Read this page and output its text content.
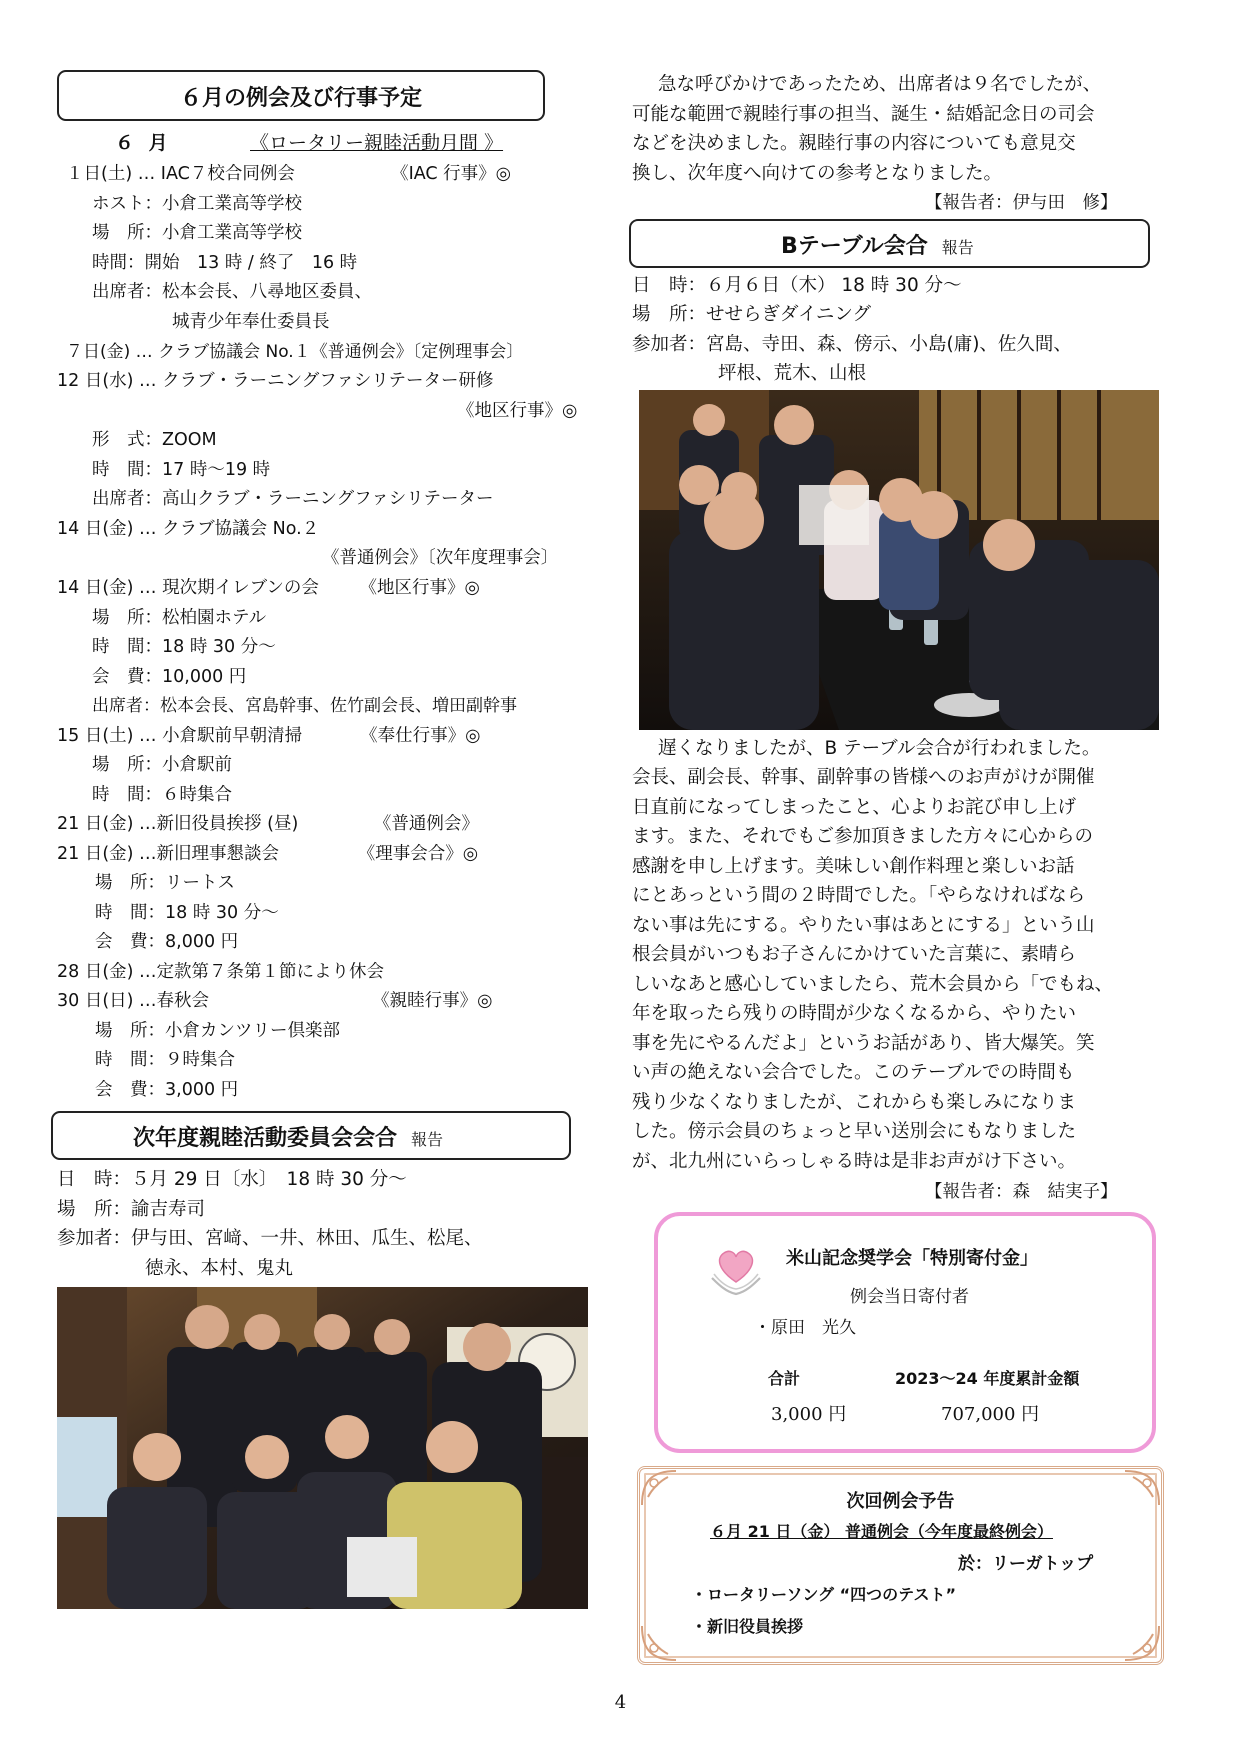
６月の例会及び行事予定
６ 月	《ロータリー親睦活動月間 》
１日(土) … IAC７校合同例会　　　　　　《IAC 行事》◎
ホスト：小倉工業高等学校
場　所：小倉工業高等学校
時間：開始　13 時 / 終了　16 時
出席者：松本会長、八尋地区委員、
城青少年奉仕委員長
７日(金) … クラブ協議会 No.１《普通例会》〔定例理事会〕
12 日(水) … クラブ・ラーニングファシリテーター研修
《地区行事》◎
形　式：ZOOM
時　間：17 時～19 時
出席者：高山クラブ・ラーニングファシリテーター
14 日(金) … クラブ協議会 No.２
《普通例会》〔次年度理事会〕
14 日(金) … 現次期イレブンの会　　 《地区行事》◎
場　所：松柏園ホテル
時　間：18 時 30 分～
会　費：10,000 円
出席者：松本会長、宮島幹事、佐竹副会長、増田副幹事
15 日(土) … 小倉駅前早朝清掃　　　 《奉仕行事》◎
場　所：小倉駅前
時　間：６時集合
21 日(金) …新旧役員挨拶 (昼)　　　　 《普通例会》
21 日(金) …新旧理事懇談会　　　　　《理事会合》◎
場　所：リートス
時　間：18 時 30 分～
会　費：8,000 円
28 日(金) …定款第７条第１節により休会
30 日(日) …春秋会　　　　　　　　　 《親睦行事》◎
場　所：小倉カンツリー倶楽部
時　間：９時集合
会　費：3,000 円
次年度親睦活動委員会会合 報告
日　時：５月 29 日〔水〕　18 時 30 分～
場　所：諭吉寿司
参加者：伊与田、宮﨑、一井、林田、瓜生、松尾、
徳永、本村、鬼丸
急な呼びかけであったため、出席者は９名でしたが、
可能な範囲で親睦行事の担当、誕生・結婚記念日の司会
などを決めました。親睦行事の内容についても意見交
換し、次年度へ向けての参考となりました。
【報告者：伊与田　修】
Bテーブル会合 報告
日　時：６月６日（木） 18 時 30 分～
場　所：せせらぎダイニング
参加者：宮島、寺田、森、傍示、小島(庸)、佐久間、
坪根、荒木、山根
遅くなりましたが、B テーブル会合が行われました。
会長、副会長、幹事、副幹事の皆様へのお声がけが開催
日直前になってしまったこと、心よりお詫び申し上げ
ます。また、それでもご参加頂きました方々に心からの
感謝を申し上げます。美味しい創作料理と楽しいお話
にとあっという間の２時間でした。「やらなければなら
ない事は先にする。やりたい事はあとにする」という山
根会員がいつもお子さんにかけていた言葉に、素晴ら
しいなあと感心していましたら、荒木会員から「でもね、
年を取ったら残りの時間が少なくなるから、やりたい
事を先にやるんだよ」というお話があり、皆大爆笑。笑
い声の絶えない会合でした。このテーブルでの時間も
残り少なくなりましたが、これからも楽しみになりま
した。傍示会員のちょっと早い送別会にもなりました
が、北九州にいらっしゃる時は是非お声がけ下さい。
【報告者：森　結実子】
米山記念奨学会「特別寄付金」
例会当日寄付者
・原田　光久
合計	2023～24 年度累計金額
3,000 円	707,000 円
次回例会予告
６月 21 日（金） 普通例会（今年度最終例会）
於：リーガトップ
・ロータリーソング “四つのテスト”
・新旧役員挨拶
4
